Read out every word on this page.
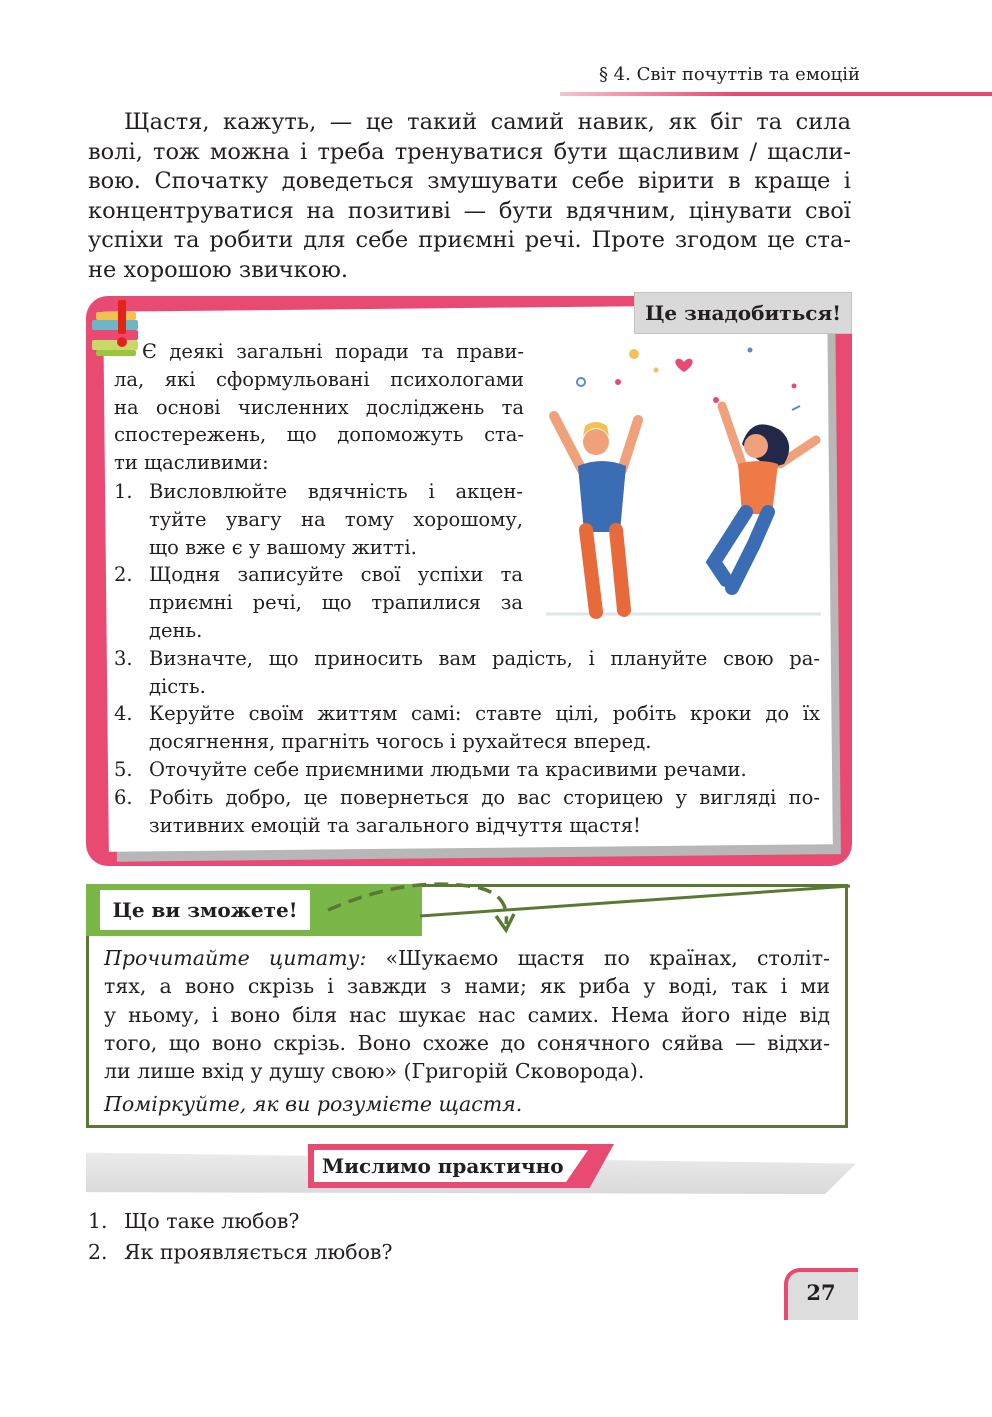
§ 4. Світ почуттів та емоцій

Щастя, кажуть, — це такий самий навик, як біг та сила
волі, тож можна і треба тренуватися бути щасливим / щасли-
вою. Спочатку доведеться змушувати себе вірити в краще і
концентруватися на позитиві — бути вдячним, цінувати свої
успіхи та робити для себе приємні речі. Проте згодом це ста-
не хорошою звичкою.

Це знадобиться!
Є деякі загальні поради та прави-
ла, які сформульовані психологами
на основі численних досліджень та
спостережень, що допоможуть ста-
ти щасливими:
1. Висловлюйте вдячність і акцен-
туйте увагу на тому хорошому,
що вже є у вашому житті.
2. Щодня записуйте свої успіхи та
приємні речі, що трапилися за
день.
3. Визначте, що приносить вам радість, і плануйте свою ра-
дість.
4. Керуйте своїм життям самі: ставте цілі, робіть кроки до їх
досягнення, прагніть чогось і рухайтеся вперед.
5. Оточуйте себе приємними людьми та красивими речами.
6. Робіть добро, це повернеться до вас сторицею у вигляді по-
зитивних емоцій та загального відчуття щастя!
Це ви зможете!
Прочитайте цитату: «Шукаємо щастя по країнах, століт-
тях, а воно скрізь і завжди з нами; як риба у воді, так і ми
у ньому, і воно біля нас шукає нас самих. Нема його ніде від
того, що воно скрізь. Воно схоже до сонячного сяйва — відхи-
ли лише вхід у душу свою» (Григорій Сковорода).
Поміркуйте, як ви розумієте щастя.
Мислимо практично
1. Що таке любов?
2. Як проявляється любов?
27
